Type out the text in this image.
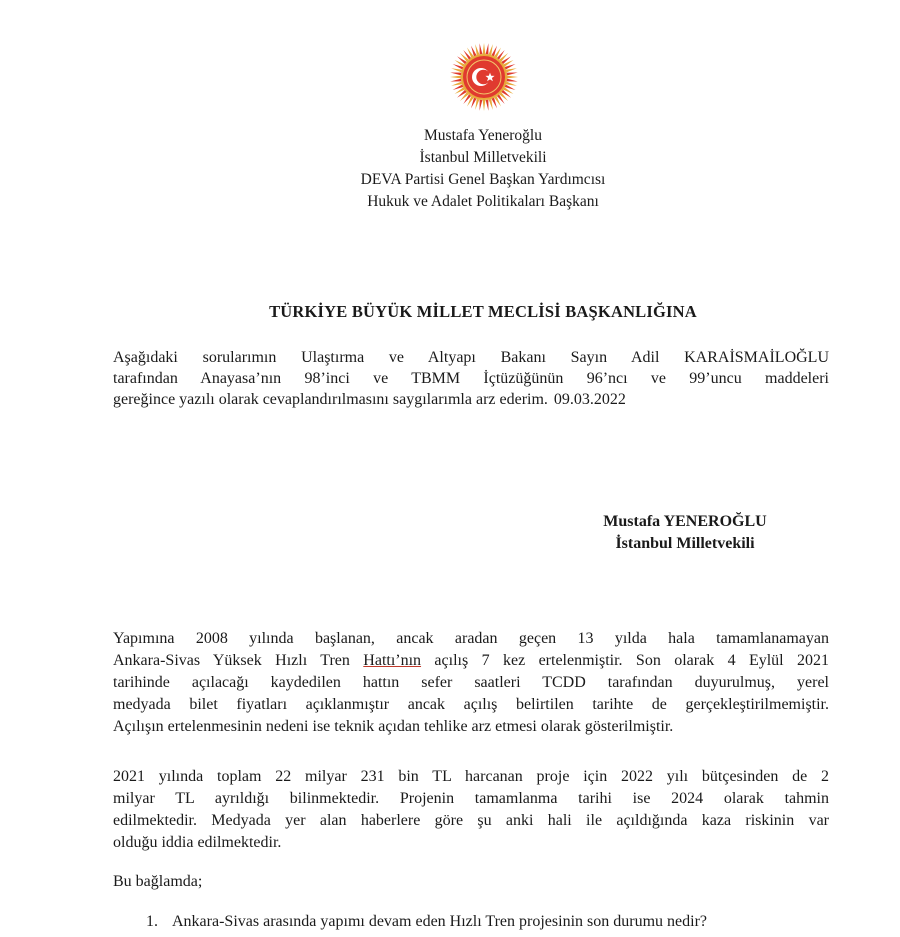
Mustafa Yeneroğlu
İstanbul Milletvekili
DEVA Partisi Genel Başkan Yardımcısı
Hukuk ve Adalet Politikaları Başkanı
TÜRKİYE BÜYÜK MİLLET MECLİSİ BAŞKANLIĞINA
Aşağıdaki sorularımın Ulaştırma ve Altyapı Bakanı Sayın Adil KARAİSMAİLOĞLU
tarafından Anayasa’nın 98’inci ve TBMM İçtüzüğünün 96’ncı ve 99’uncu maddeleri
gereğince yazılı olarak cevaplandırılmasını saygılarımla arz ederim. 09.03.2022
Mustafa YENEROĞLU
İstanbul Milletvekili
Yapımına 2008 yılında başlanan, ancak aradan geçen 13 yılda hala tamamlanamayan
Ankara-Sivas Yüksek Hızlı Tren Hattı’nın açılış 7 kez ertelenmiştir. Son olarak 4 Eylül 2021
tarihinde açılacağı kaydedilen hattın sefer saatleri TCDD tarafından duyurulmuş, yerel
medyada bilet fiyatları açıklanmıştır ancak açılış belirtilen tarihte de gerçekleştirilmemiştir.
Açılışın ertelenmesinin nedeni ise teknik açıdan tehlike arz etmesi olarak gösterilmiştir.
2021 yılında toplam 22 milyar 231 bin TL harcanan proje için 2022 yılı bütçesinden de 2
milyar TL ayrıldığı bilinmektedir. Projenin tamamlanma tarihi ise 2024 olarak tahmin
edilmektedir. Medyada yer alan haberlere göre şu anki hali ile açıldığında kaza riskinin var
olduğu iddia edilmektedir.
Bu bağlamda;
1. Ankara-Sivas arasında yapımı devam eden Hızlı Tren projesinin son durumu nedir?
